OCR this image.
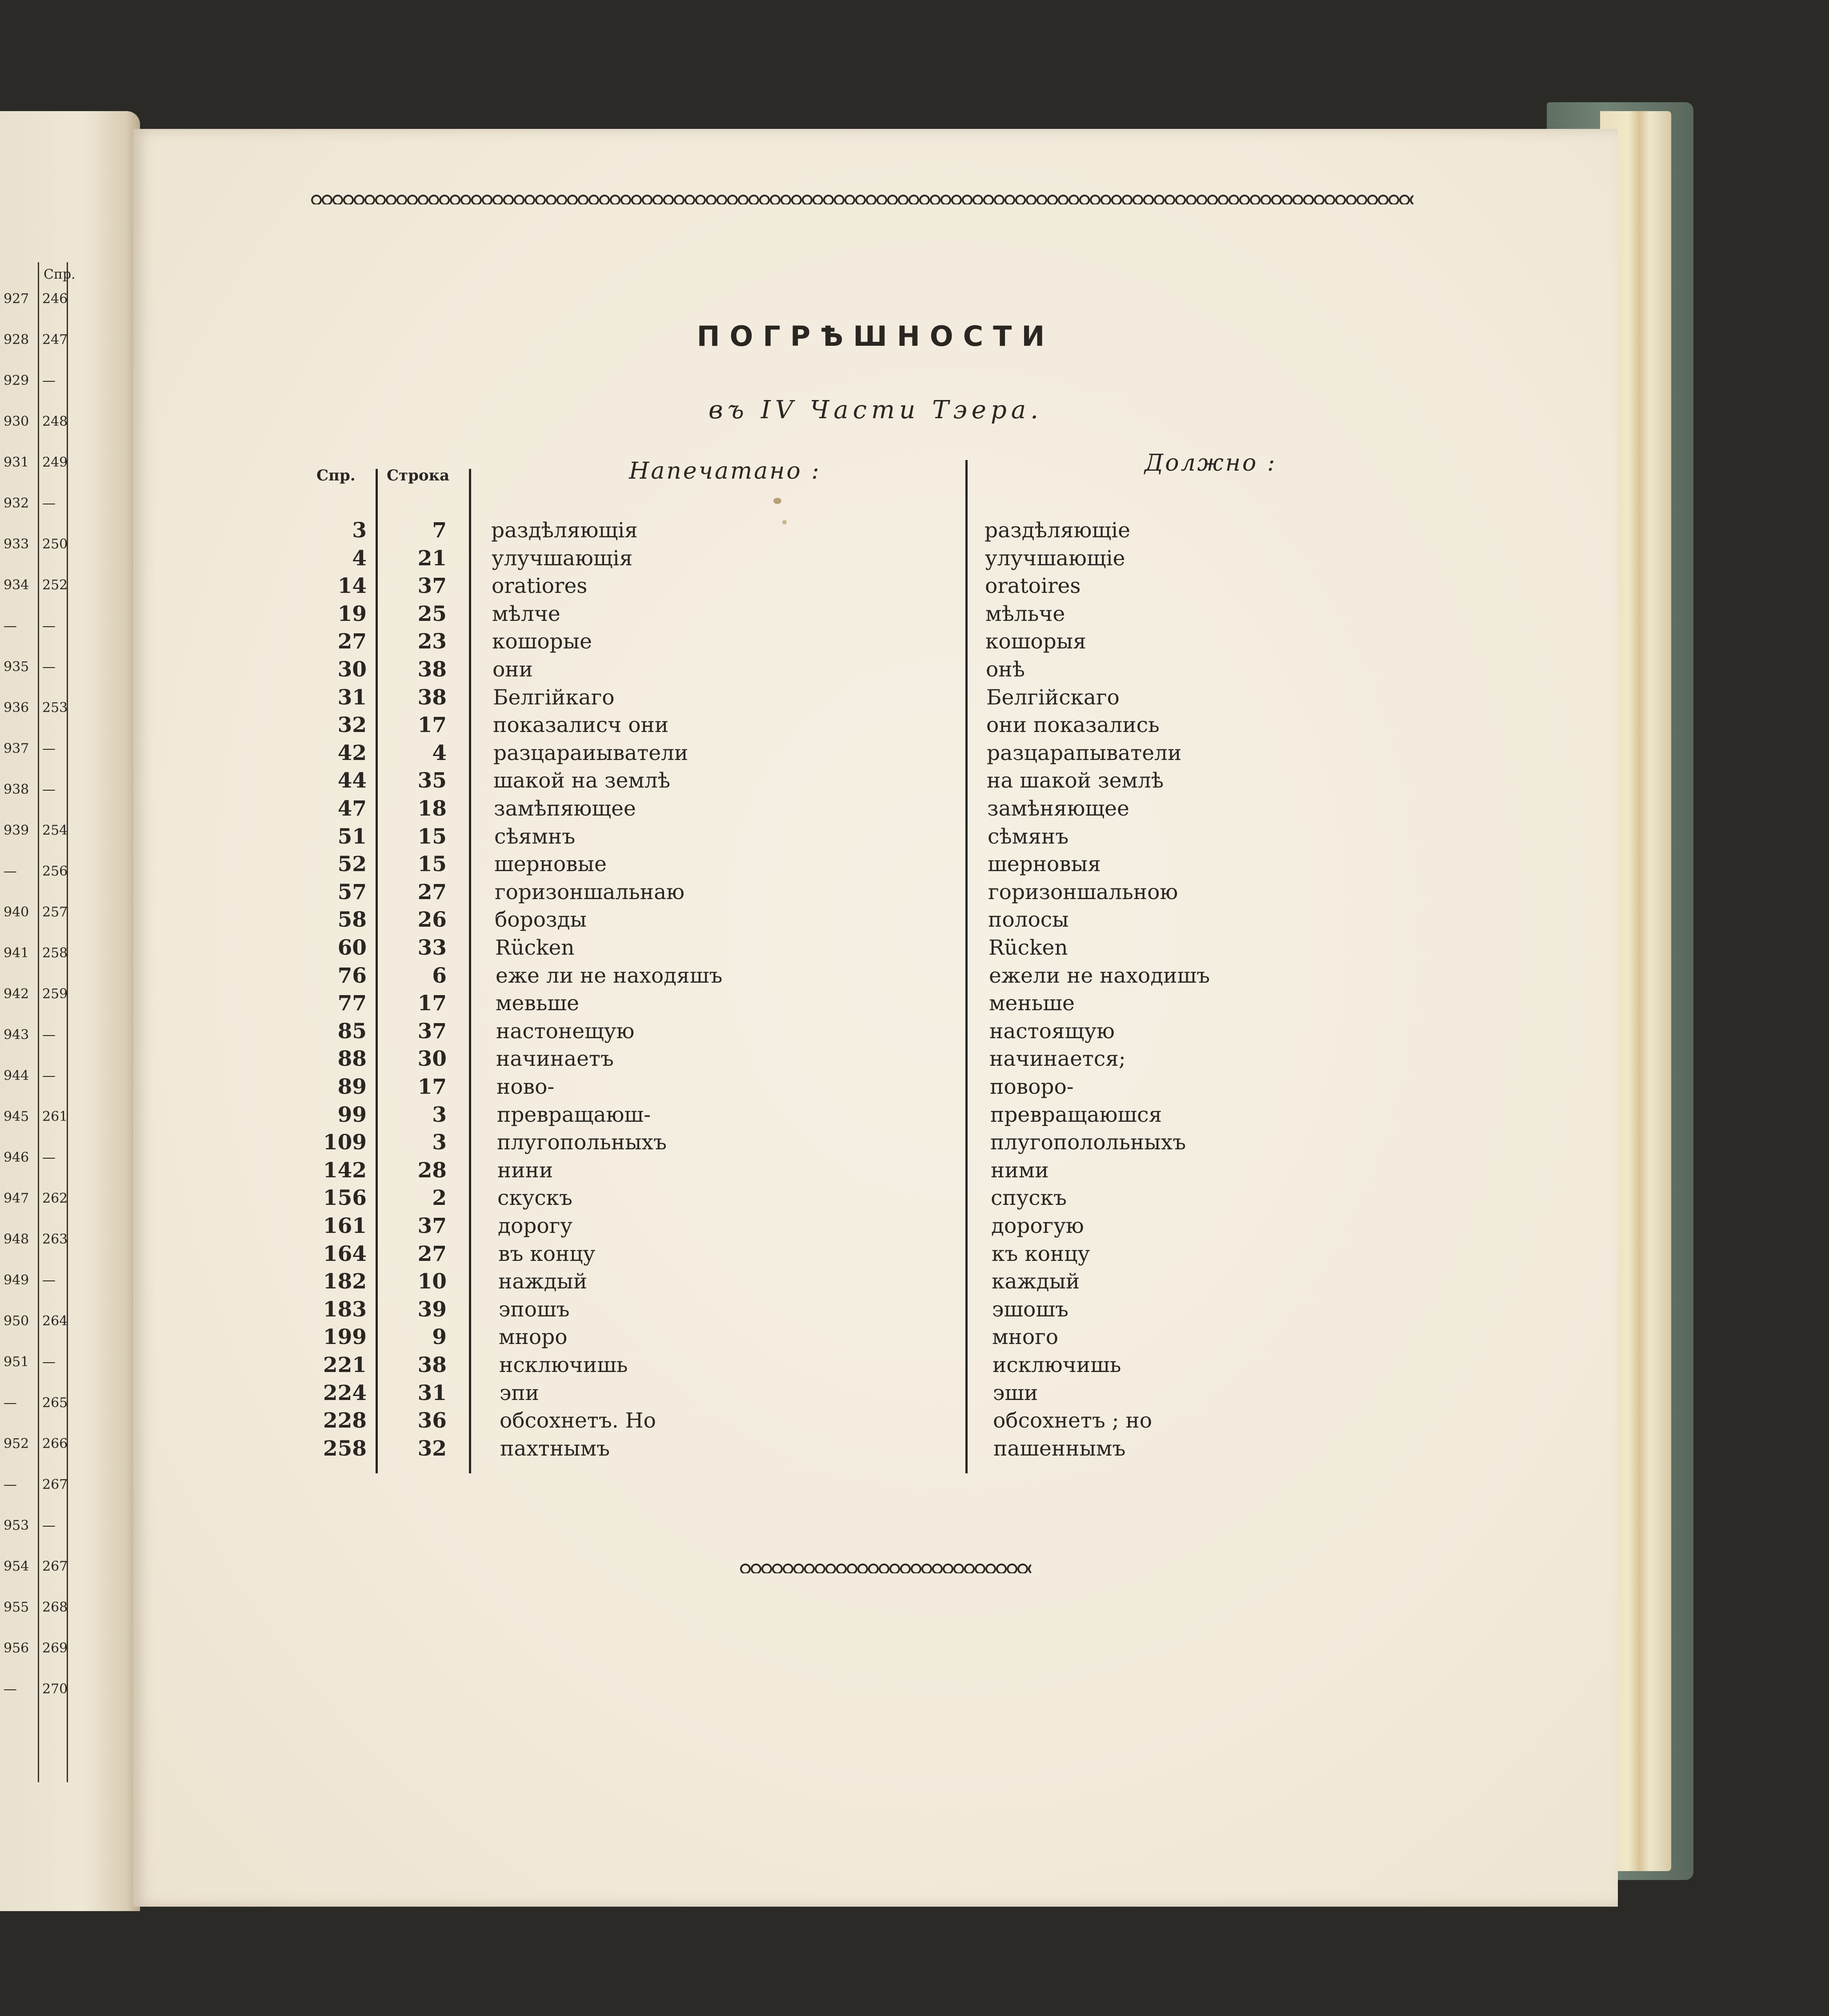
Спр.
927 246
928 247
929 —
930 248
931 249
932 —
933 250
934 252
— —
935 —
936 253
937 —
938 —
939 254
— 256
940 257
941 258
942 259
943 —
944 —
945 261
946 —
947 262
948 263
949 —
950 264
951 —
— 265
952 266
— 267
953 —
954 267
955 268
956 269
— 270
ПОГРѢШНОСТИ
въ IV Части Тэера.
Спр. Строка	Напечатано :	Должно :
3	7 раздѣляющія	раздѣляющіе
4	21 улучшающія	улучшающіе
14	37 oratiores	oratoires
19	25 мѣлче	мѣльче
27	23 кошорые	кошорыя
30	38 они	онѣ
31	38 Белгійкаго	Белгійскаго
32	17 показалисч они	они показались
42	4 разцараиыватели	разцарапыватели
44	35 шакой на землѣ	на шакой землѣ
47	18 замѣпяющее	замѣняющее
51	15 сѣямнъ	сѣмянъ
52	15 шерновые	шерновыя
57	27 горизоншальнаю	горизоншальною
58	26 борозды	полосы
60	33 Rücken	Rücken
76	6 еже ли не находяшъ	ежели не находишъ
77	17 мевьше	меньше
85	37 настонещую	настоящую
88	30 начинаетъ	начинается;
89	17 ново-	поворо-
99	3 превращаюш-	превращаюшся
109	3 плугопольныхъ	плугополольныхъ
142	28 нини	ними
156	2 скускъ	спускъ
161	37 дорогу	дорогую
164	27 въ концу	къ концу
182	10 наждый	каждый
183	39 эпошъ	эшошъ
199	9 мноро	много
221	38	нсключишь	исключишь
224	31	эпи	эши
228	36	обсохнетъ. Но	обсохнетъ ; но
258	32	пахтнымъ	пашеннымъ
